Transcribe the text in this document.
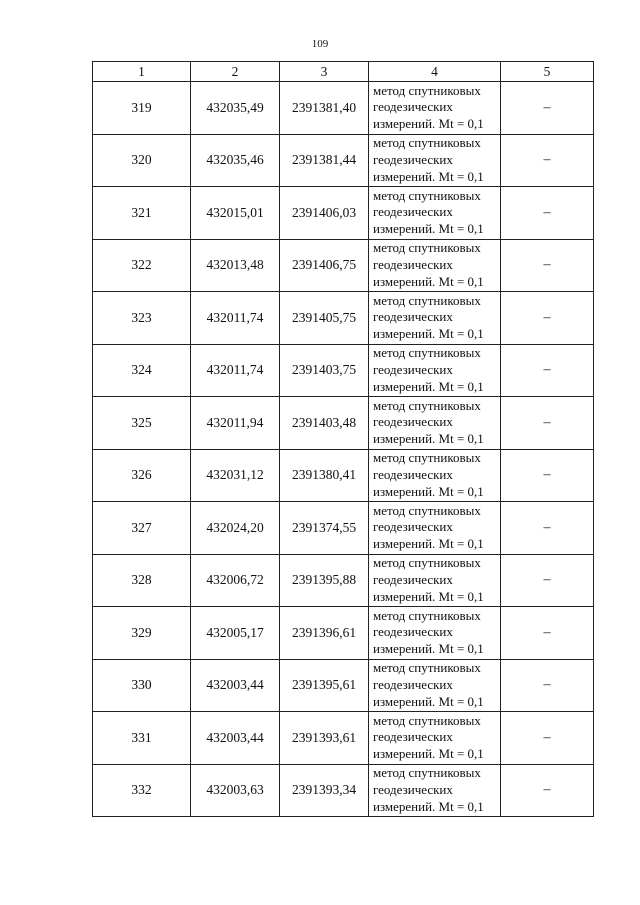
109
1	2	3	4	5
319	432035,49	2391381,40	метод спутниковых
геодезических
измерений. Mt = 0,1	–
320	432035,46	2391381,44	метод спутниковых
геодезических
измерений. Mt = 0,1	–
321	432015,01	2391406,03	метод спутниковых
геодезических
измерений. Mt = 0,1	–
322	432013,48	2391406,75	метод спутниковых
геодезических
измерений. Mt = 0,1	–
323	432011,74	2391405,75	метод спутниковых
геодезических
измерений. Mt = 0,1	–
324	432011,74	2391403,75	метод спутниковых
геодезических
измерений. Mt = 0,1	–
325	432011,94	2391403,48	метод спутниковых
геодезических
измерений. Mt = 0,1	–
326	432031,12	2391380,41	метод спутниковых
геодезических
измерений. Mt = 0,1	–
327	432024,20	2391374,55	метод спутниковых
геодезических
измерений. Mt = 0,1	–
328	432006,72	2391395,88	метод спутниковых
геодезических
измерений. Mt = 0,1	–
329	432005,17	2391396,61	метод спутниковых
геодезических
измерений. Mt = 0,1	–
330	432003,44	2391395,61	метод спутниковых
геодезических
измерений. Mt = 0,1	–
331	432003,44	2391393,61	метод спутниковых
геодезических
измерений. Mt = 0,1	–
332	432003,63	2391393,34	метод спутниковых
геодезических
измерений. Mt = 0,1	–
